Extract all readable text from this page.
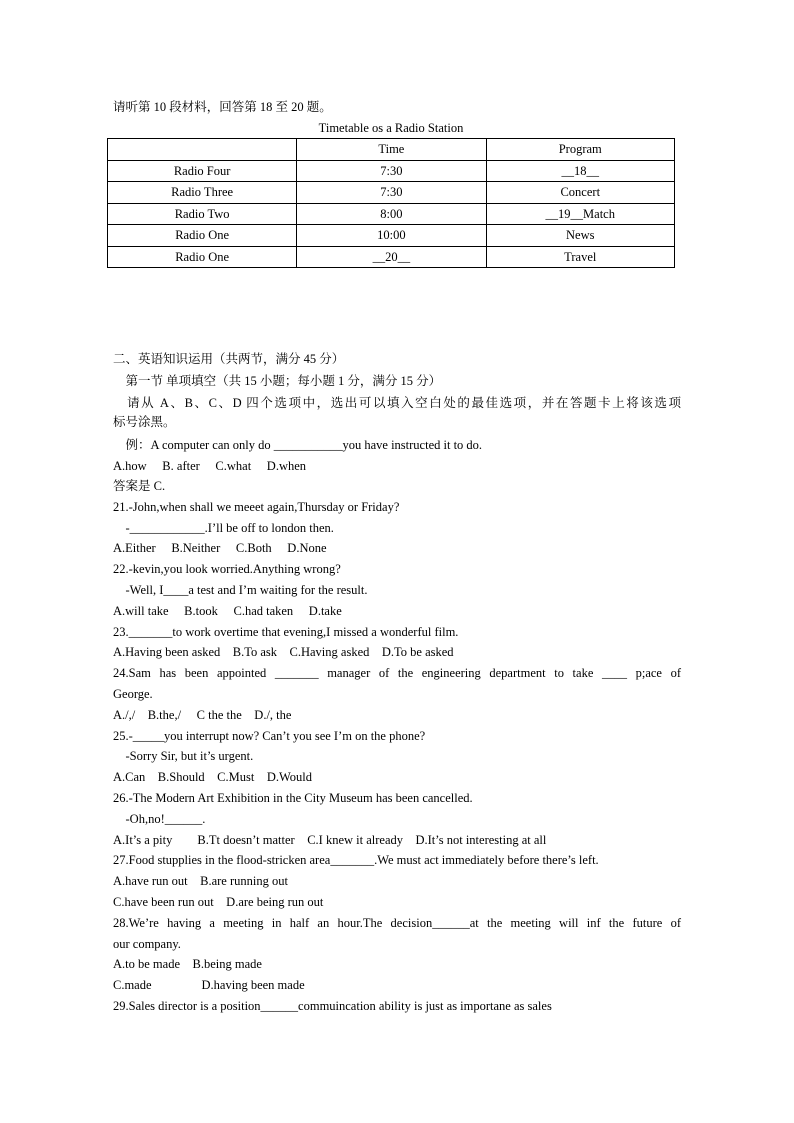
请听第 10 段材料，回答第 18 至 20 题。
Timetable os a Radio Station
	Time	Program
Radio Four	7:30	__18__
Radio Three	7:30	Concert
Radio Two	8:00	__19__Match
Radio One	10:00	News
Radio One	__20__	Travel
二、英语知识运用（共两节，满分 45 分）
　第一节 单项填空（共 15 小题；每小题 1 分，满分 15 分）
　请从 A、B、C、D 四个选项中，选出可以填入空白处的最佳选项，并在答题卡上将该选项
标号涂黑。
　例：A computer can only do ___________you have instructed it to do.
A.how　 B. after　 C.what　 D.when
答案是 C.
21.-John,when shall we meeet again,Thursday or Friday?
　-____________.I’ll be off to london then.
A.Either　 B.Neither　 C.Both　 D.None
22.-kevin,you look worried.Anything wrong?
　-Well, I____a test and I’m waiting for the result.
A.will take　 B.took　 C.had taken　 D.take
23._______to work overtime that evening,I missed a wonderful film.
A.Having been asked　B.To ask　C.Having asked　D.To be asked
24.Sam has been appointed _______ manager of the engineering department to take ____ p;ace of
George.
A./,/　B.the,/　 C the the　D./, the
25.-_____you interrupt now? Can’t you see I’m on the phone?
　-Sorry Sir, but it’s urgent.
A.Can　B.Should　C.Must　D.Would
26.-The Modern Art Exhibition in the City Museum has been cancelled.
　-Oh,no!______.
A.It’s a pity　　B.Tt doesn’t matter　C.I knew it already　D.It’s not interesting at all
27.Food stupplies in the flood-stricken area_______.We must act immediately before there’s left.
A.have run out　B.are running out
C.have been run out　D.are being run out
28.We’re having a meeting in half an hour.The decision______at the meeting will inf the future of
our company.
A.to be made　B.being made
C.made　　　　D.having been made
29.Sales director is a position______commuincation ability is just as importane as sales
